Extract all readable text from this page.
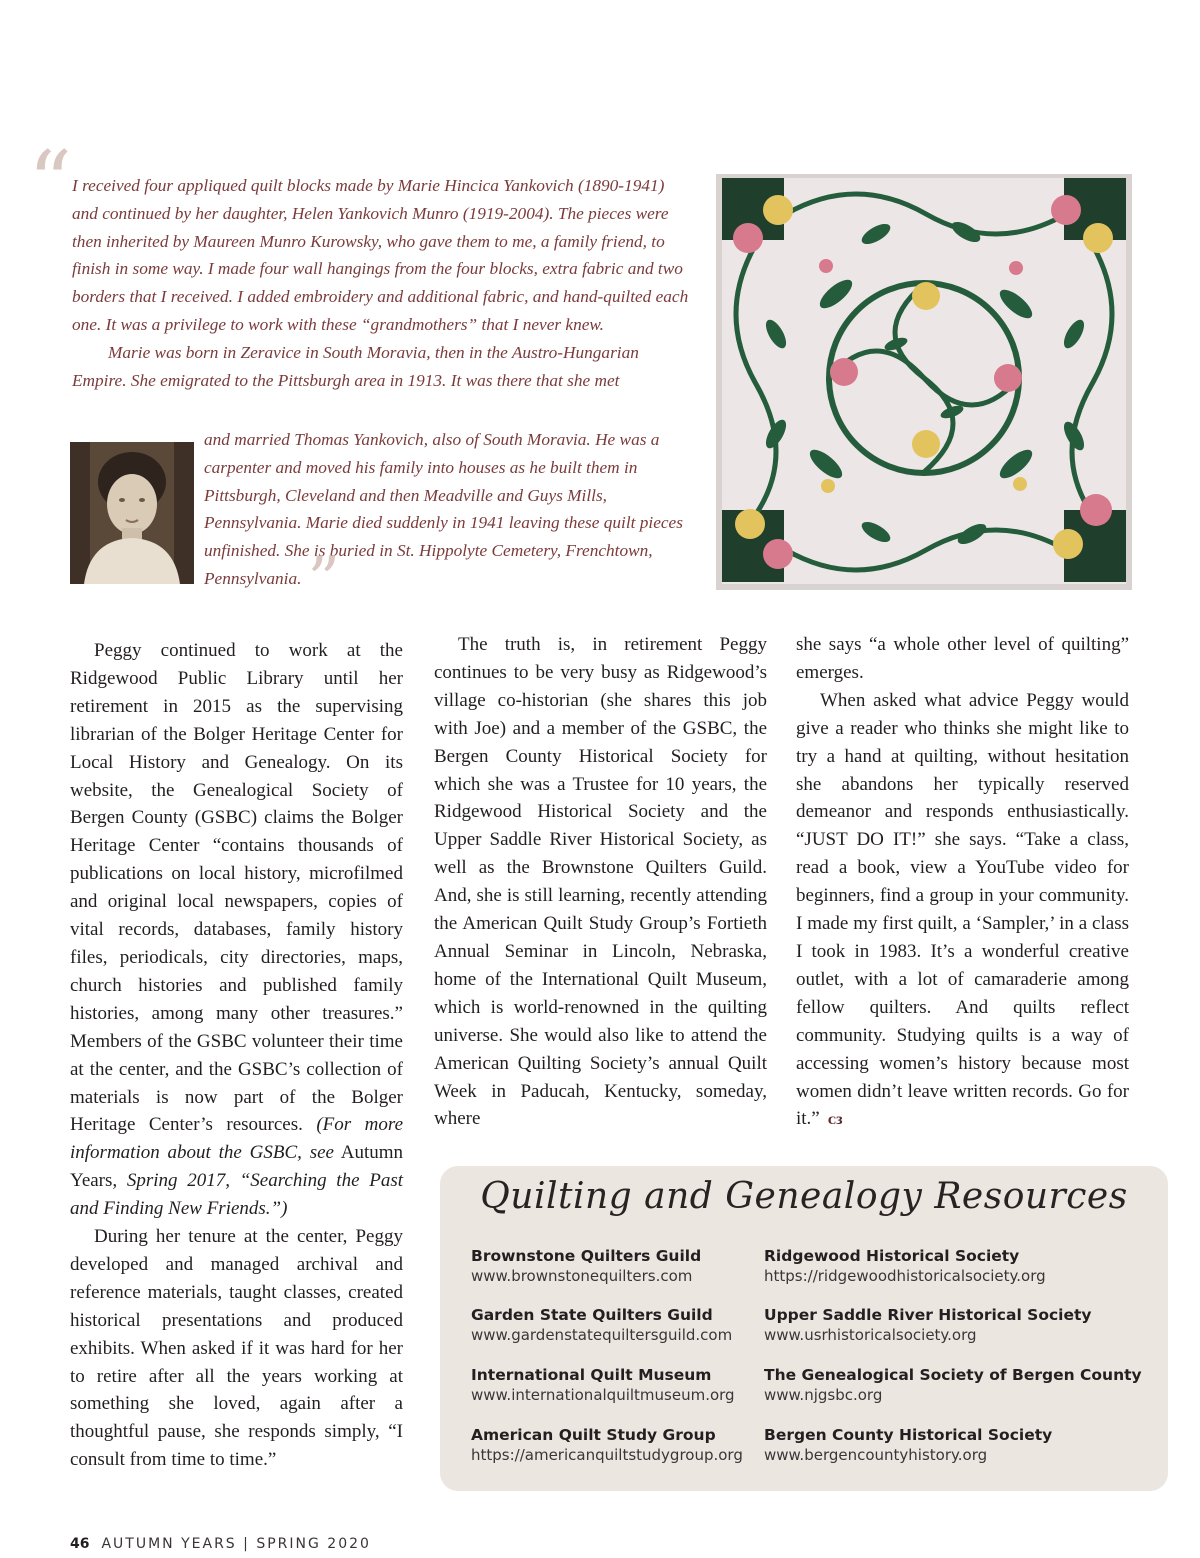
“ I received four appliqued quilt blocks made by Marie Hincica Yankovich (1890-1941) and continued by her daughter, Helen Yankovich Munro (1919-2004). The pieces were then inherited by Maureen Munro Kurowsky, who gave them to me, a family friend, to finish in some way. I made four wall hangings from the four blocks, extra fabric and two borders that I received. I added embroidery and additional fabric, and hand-quilted each one. It was a privilege to work with these “grandmothers” that I never knew.

Marie was born in Zeravice in South Moravia, then in the Austro-Hungarian Empire. She emigrated to the Pittsburgh area in 1913. It was there that she met

and married Thomas Yankovich, also of South Moravia. He was a carpenter and moved his family into houses as he built them in Pittsburgh, Cleveland and then Meadville and Guys Mills, Pennsylvania. Marie died suddenly in 1941 leaving these quilt pieces unfinished. She is buried in St. Hippolyte Cemetery, Frenchtown, Pennsylvania.”

Peggy continued to work at the Ridgewood Public Library until her retirement in 2015 as the supervising librarian of the Bolger Heritage Center for Local History and Genealogy. On its website, the Genealogical Society of Bergen County (GSBC) claims the Bolger Heritage Center “contains thousands of publications on local history, microfilmed and original local newspapers, copies of vital records, databases, family history files, periodicals, city directories, maps, church histories and published family histories, among many other treasures.” Members of the GSBC volunteer their time at the center, and the GSBC’s collection of materials is now part of the Bolger Heritage Center’s resources. (For more information about the GSBC, see Autumn Years, Spring 2017, “Searching the Past and Finding New Friends.”)

During her tenure at the center, Peggy developed and managed archival and reference materials, taught classes, created historical presentations and produced exhibits. When asked if it was hard for her to retire after all the years working at something she loved, again after a thoughtful pause, she responds simply, “I consult from time to time.”

The truth is, in retirement Peggy continues to be very busy as Ridgewood’s village co-historian (she shares this job with Joe) and a member of the GSBC, the Bergen County Historical Society for which she was a Trustee for 10 years, the Ridgewood Historical Society and the Upper Saddle River Historical Society, as well as the Brownstone Quilters Guild. And, she is still learning, recently attending the American Quilt Study Group’s Fortieth Annual Seminar in Lincoln, Nebraska, home of the International Quilt Museum, which is world-renowned in the quilting universe. She would also like to attend the American Quilting Society’s annual Quilt Week in Paducah, Kentucky, someday, where

she says “a whole other level of quilting” emerges.

When asked what advice Peggy would give a reader who thinks she might like to try a hand at quilting, without hesitation she abandons her typically reserved demeanor and responds enthusiastically. “JUST DO IT!” she says. “Take a class, read a book, view a YouTube video for beginners, find a group in your community. I made my first quilt, a ‘Sampler,’ in a class I took in 1983. It’s a wonderful creative outlet, with a lot of camaraderie among fellow quilters. And quilts reflect community. Studying quilts is a way of accessing women’s history because most women didn’t leave written records. Go for it.” ᴄᴈ

Quilting and Genealogy Resources
Brownstone Quilters Guild
www.brownstonequilters.com
Ridgewood Historical Society
https://ridgewoodhistoricalsociety.org
Garden State Quilters Guild
www.gardenstatequiltersguild.com
Upper Saddle River Historical Society
www.usrhistoricalsociety.org
International Quilt Museum
www.internationalquiltmuseum.org
The Genealogical Society of Bergen County
www.njgsbc.org
American Quilt Study Group
https://americanquiltstudygroup.org
Bergen County Historical Society
www.bergencountyhistory.org
46 AUTUMN YEARS | SPRING 2020
